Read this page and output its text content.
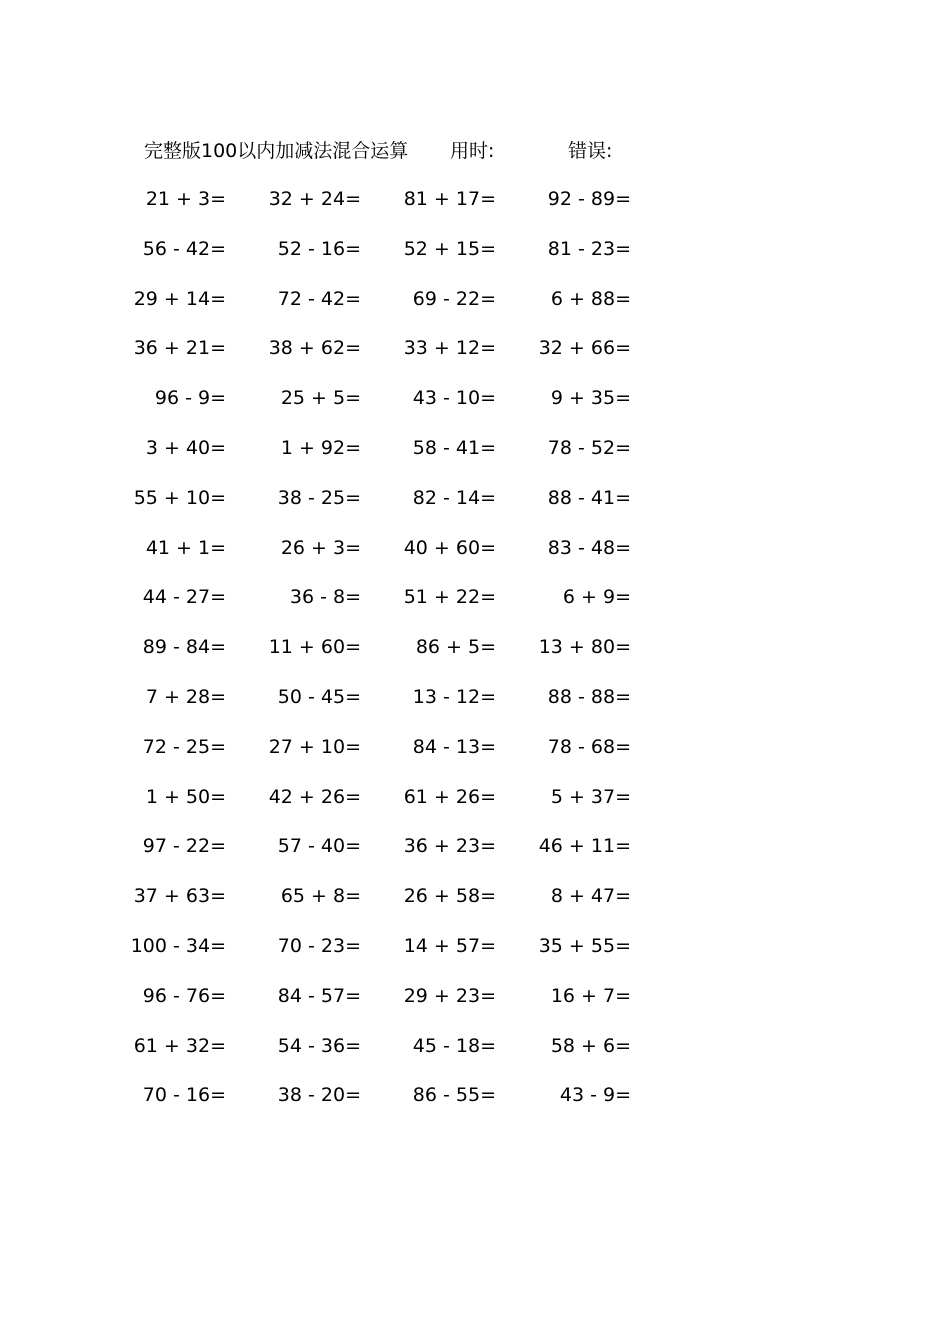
完整版100以内加减法混合运算 用时:	错误:
21 + 3= 32 + 24= 81 + 17=	92 - 89=
56 - 42=	52 - 16= 52 + 15=	81 - 23=
29 + 14=	72 - 42=	69 - 22=	6 + 88=
36 + 21= 38 + 62= 33 + 12= 32 + 66=
96 - 9=	25 + 5=	43 - 10=	9 + 35=
3 + 40=	1 + 92=	58 - 41=	78 - 52=
55 + 10=	38 - 25=	82 - 14=	88 - 41=
41 + 1=	26 + 3= 40 + 60=	83 - 48=
44 - 27=	36 - 8= 51 + 22=	6 + 9=
89 - 84= 11 + 60=	86 + 5= 13 + 80=
7 + 28=	50 - 45=	13 - 12=	88 - 88=
72 - 25= 27 + 10=	84 - 13=	78 - 68=
1 + 50= 42 + 26= 61 + 26=	5 + 37=
97 - 22=	57 - 40= 36 + 23= 46 + 11=
37 + 63=	65 + 8= 26 + 58=	8 + 47=
100 - 34=	70 - 23= 14 + 57= 35 + 55=
96 - 76=	84 - 57= 29 + 23=	16 + 7=
61 + 32=	54 - 36=	45 - 18=	58 + 6=
70 - 16=	38 - 20=	86 - 55=	43 - 9=
